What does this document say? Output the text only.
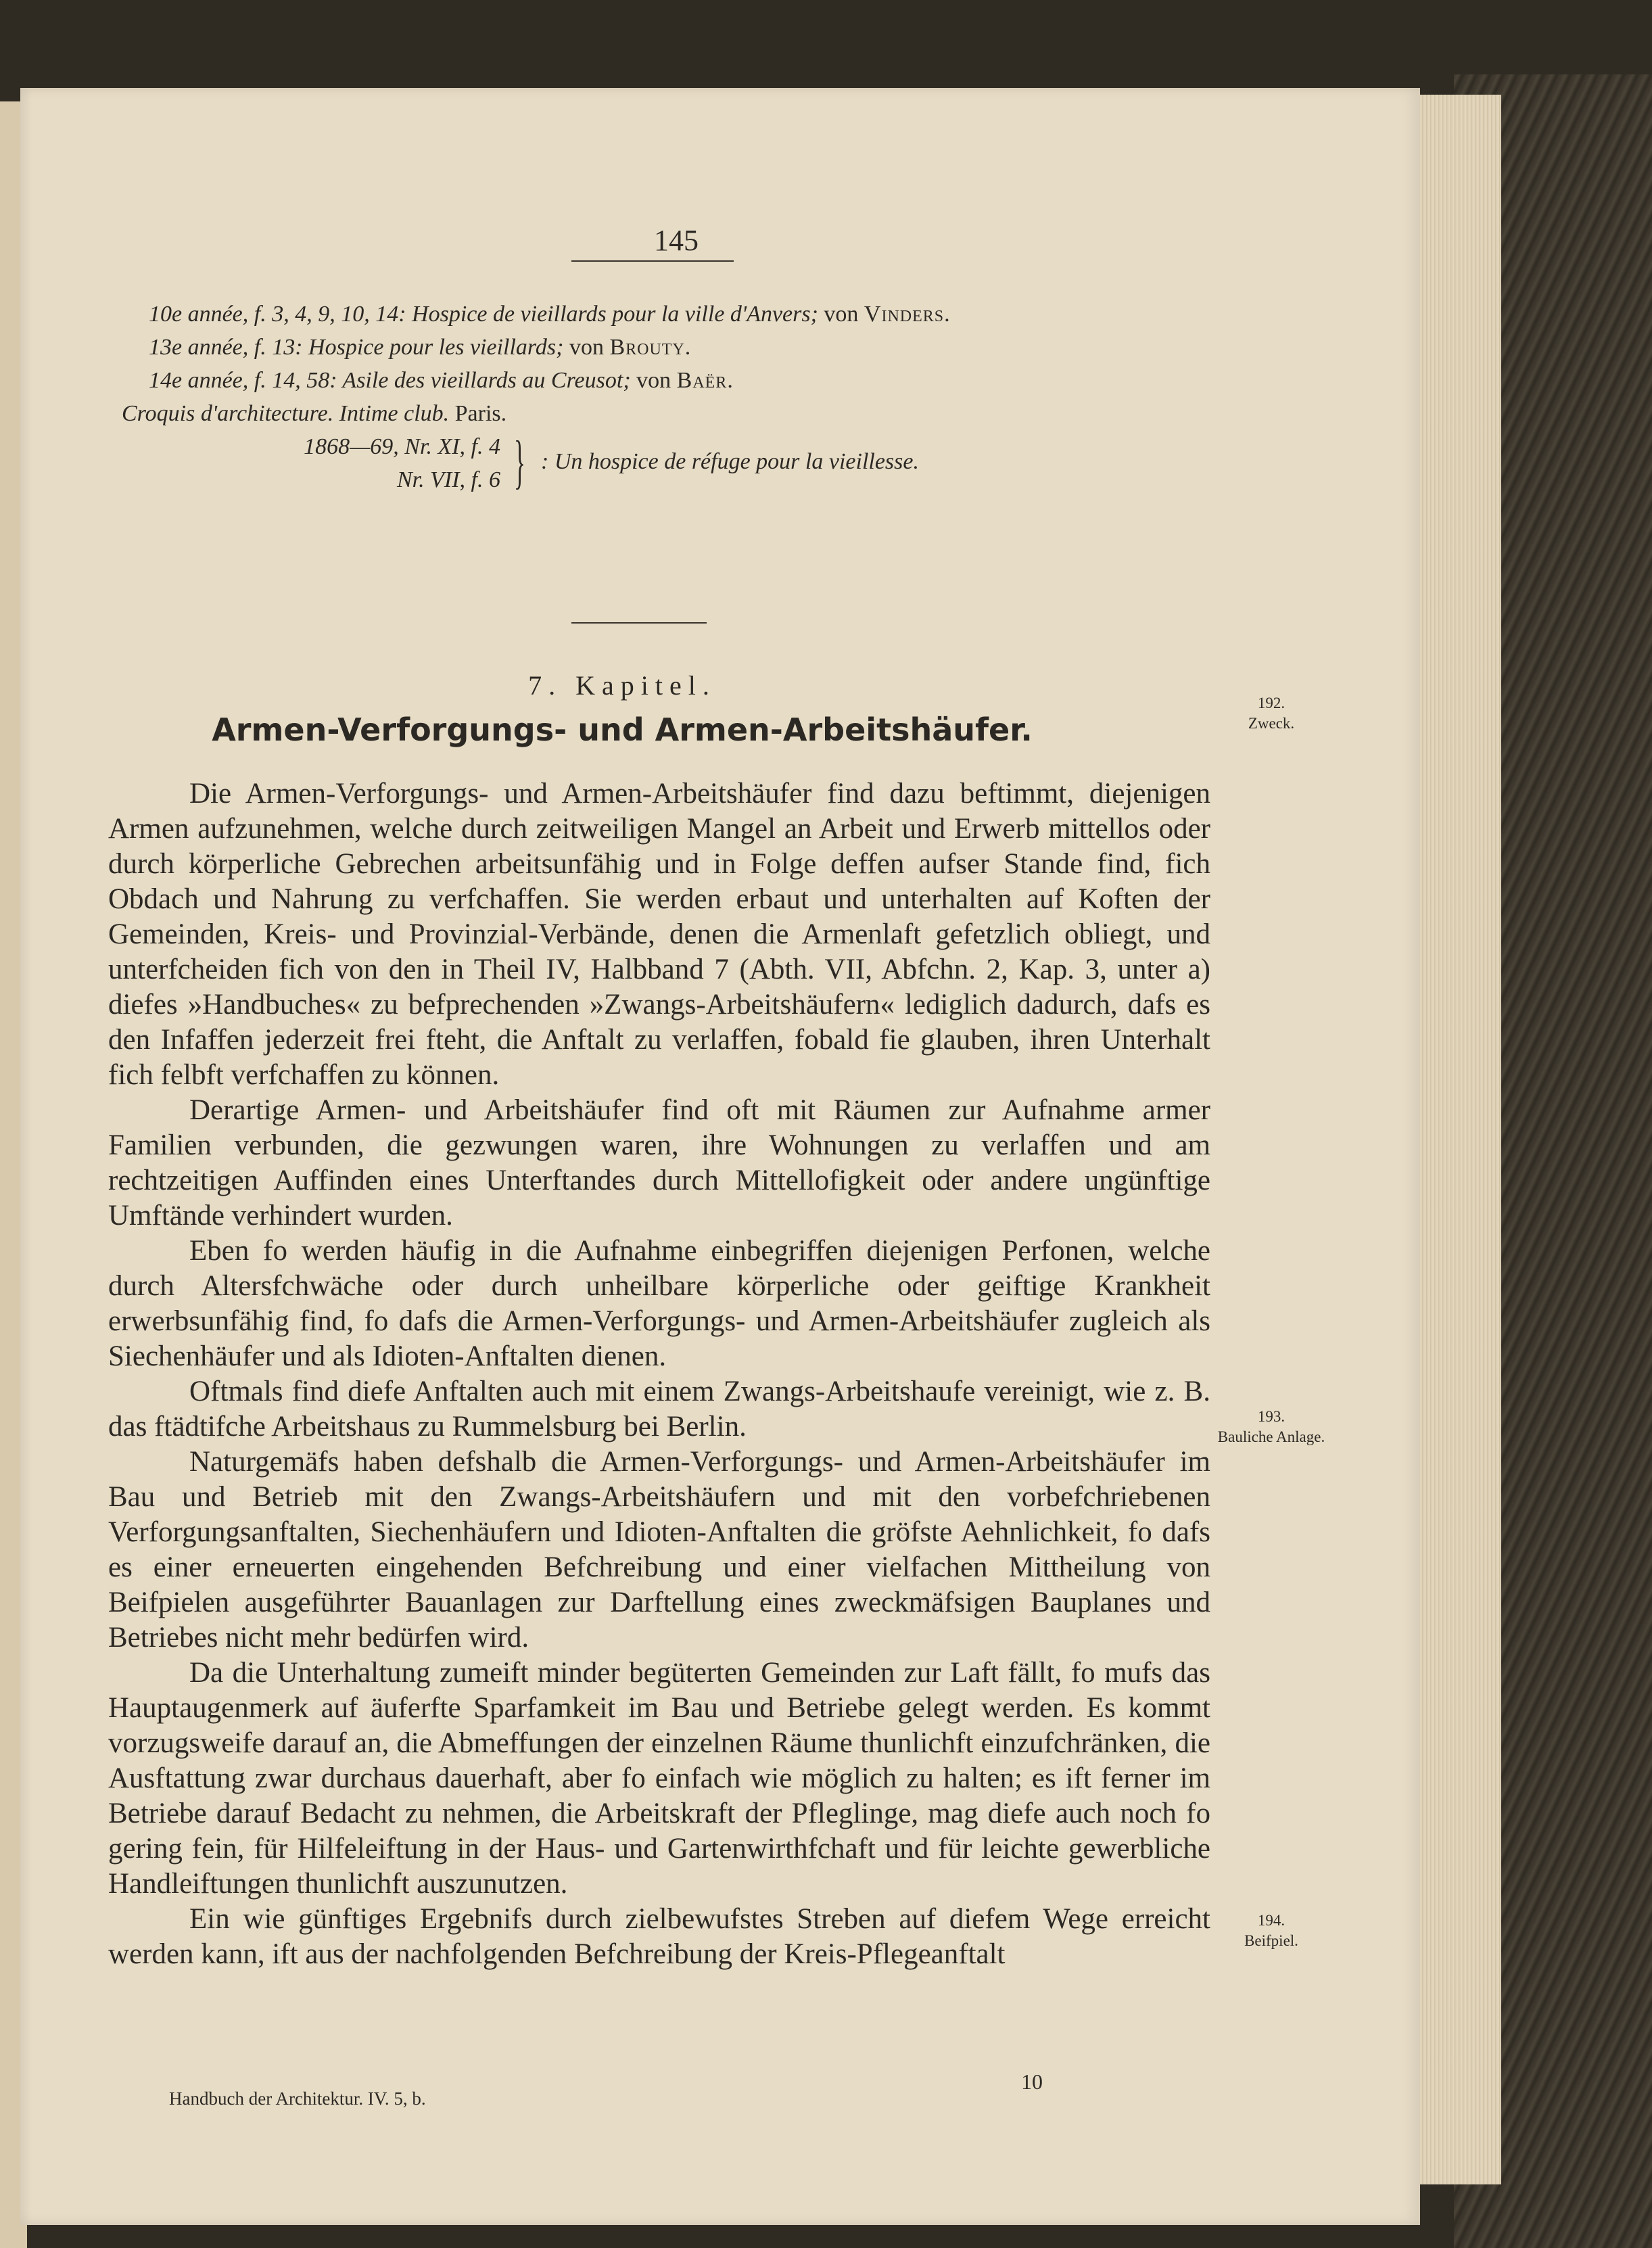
145
10e année, f. 3, 4, 9, 10, 14: Hospice de vieillards pour la ville d'Anvers; von Vinders.
13e année, f. 13: Hospice pour les vieillards; von Brouty.
14e année, f. 14, 58: Asile des vieillards au Creusot; von Baër.
Croquis d'architecture. Intime club. Paris.
1868—69, Nr. XI, f. 4
Nr. VII, f. 6 } : Un hospice de réfuge pour la vieillesse.
7. Kapitel.
Armen-Verforgungs- und Armen-Arbeitshäufer.

Die Armen-Verforgungs- und Armen-Arbeitshäufer find dazu beftimmt, diejenigen Armen aufzunehmen, welche durch zeitweiligen Mangel an Arbeit und Erwerb mittellos oder durch körperliche Gebrechen arbeitsunfähig und in Folge deffen aufser Stande find, fich Obdach und Nahrung zu verfchaffen. Sie werden erbaut und unterhalten auf Koften der Gemeinden, Kreis- und Provinzial-Verbände, denen die Armenlaft gefetzlich obliegt, und unterfcheiden fich von den in Theil IV, Halbband 7 (Abth. VII, Abfchn. 2, Kap. 3, unter a) diefes »Handbuches« zu befprechenden »Zwangs-Arbeitshäufern« lediglich dadurch, dafs es den Infaffen jederzeit frei fteht, die Anftalt zu verlaffen, fobald fie glauben, ihren Unterhalt fich felbft verfchaffen zu können.

Derartige Armen- und Arbeitshäufer find oft mit Räumen zur Aufnahme armer Familien verbunden, die gezwungen waren, ihre Wohnungen zu verlaffen und am rechtzeitigen Auffinden eines Unterftandes durch Mittellofigkeit oder andere ungünftige Umftände verhindert wurden.

Eben fo werden häufig in die Aufnahme einbegriffen diejenigen Perfonen, welche durch Altersfchwäche oder durch unheilbare körperliche oder geiftige Krankheit erwerbsunfähig find, fo dafs die Armen-Verforgungs- und Armen-Arbeitshäufer zugleich als Siechenhäufer und als Idioten-Anftalten dienen.

Oftmals find diefe Anftalten auch mit einem Zwangs-Arbeitshaufe vereinigt, wie z. B. das ftädtifche Arbeitshaus zu Rummelsburg bei Berlin.

Naturgemäfs haben defshalb die Armen-Verforgungs- und Armen-Arbeitshäufer im Bau und Betrieb mit den Zwangs-Arbeitshäufern und mit den vorbefchriebenen Verforgungsanftalten, Siechenhäufern und Idioten-Anftalten die gröfste Aehnlichkeit, fo dafs es einer erneuerten eingehenden Befchreibung und einer vielfachen Mittheilung von Beifpielen ausgeführter Bauanlagen zur Darftellung eines zweckmäfsigen Bauplanes und Betriebes nicht mehr bedürfen wird.

Da die Unterhaltung zumeift minder begüterten Gemeinden zur Laft fällt, fo mufs das Hauptaugenmerk auf äuferfte Sparfamkeit im Bau und Betriebe gelegt werden. Es kommt vorzugsweife darauf an, die Abmeffungen der einzelnen Räume thunlichft einzufchränken, die Ausftattung zwar durchaus dauerhaft, aber fo einfach wie möglich zu halten; es ift ferner im Betriebe darauf Bedacht zu nehmen, die Arbeitskraft der Pfleglinge, mag diefe auch noch fo gering fein, für Hilfeleiftung in der Haus- und Gartenwirthfchaft und für leichte gewerbliche Handleiftungen thunlichft auszunutzen.

Ein wie günftiges Ergebnifs durch zielbewufstes Streben auf diefem Wege erreicht werden kann, ift aus der nachfolgenden Befchreibung der Kreis-Pflegeanftalt

192.
Zweck.
193.
Bauliche Anlage.
194.
Beifpiel.
Handbuch der Architektur. IV. 5, b.
10
